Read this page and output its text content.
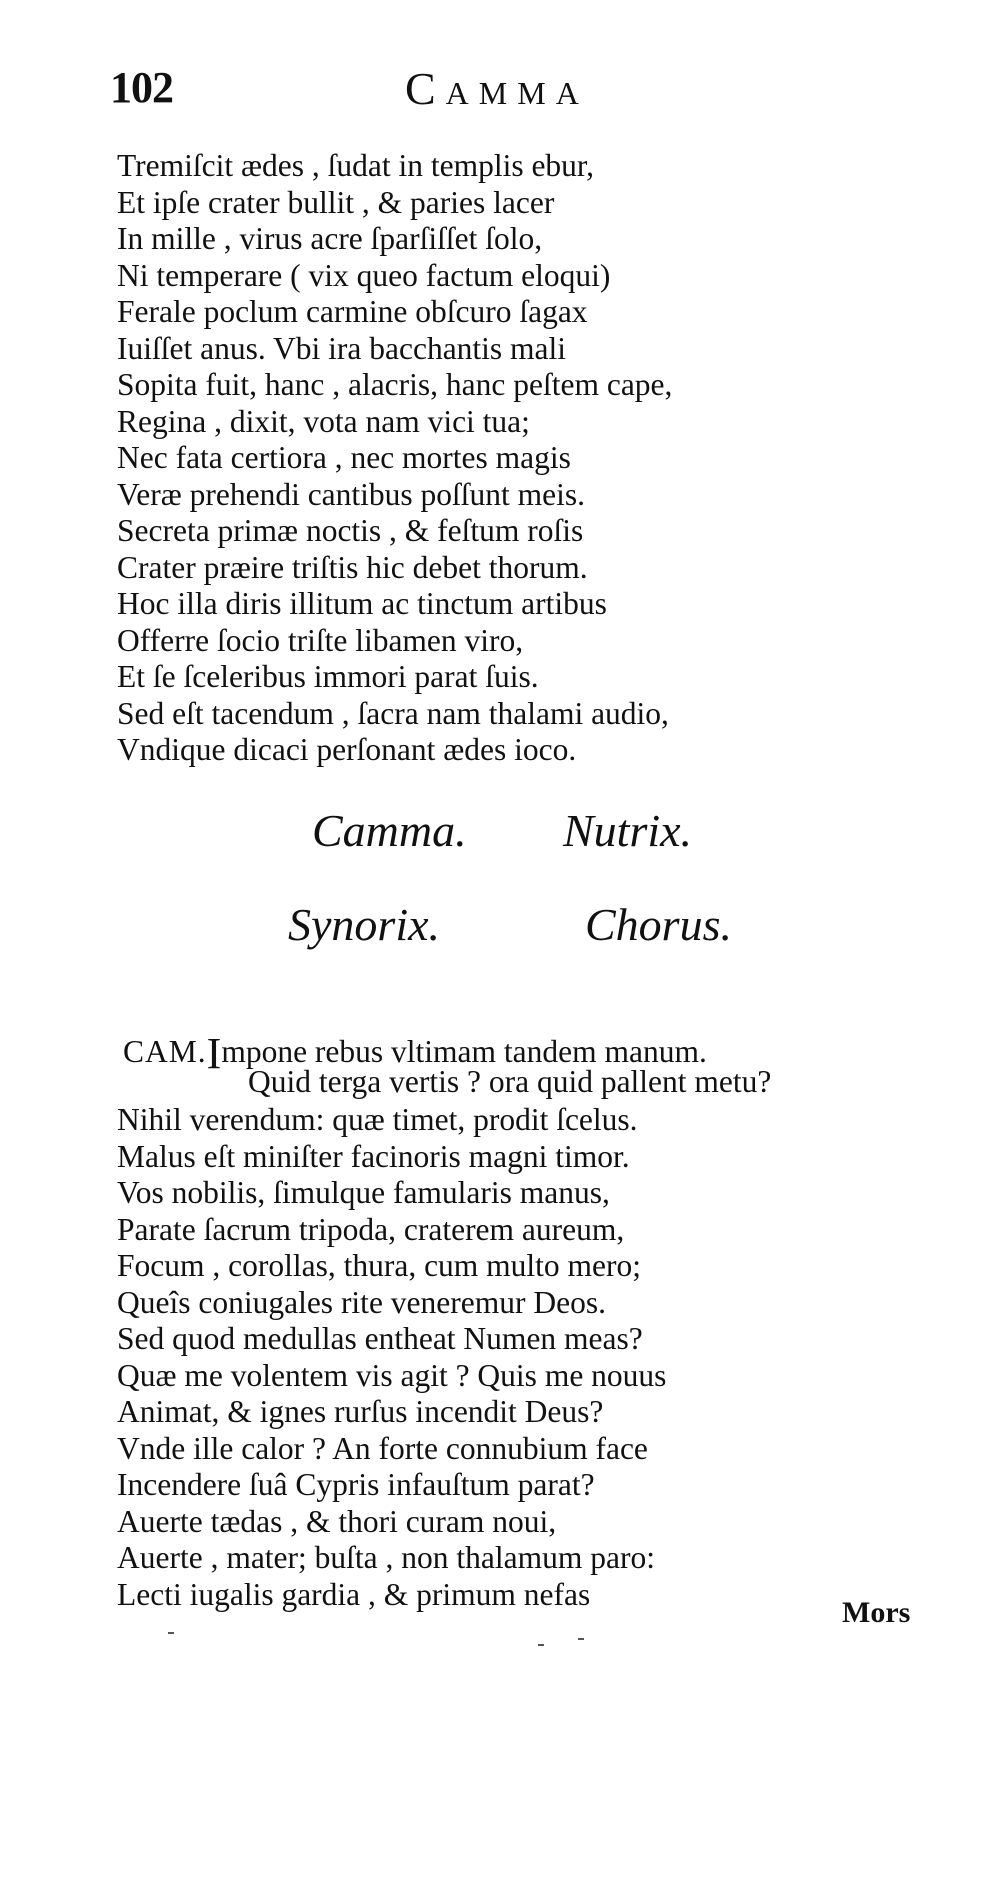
102	Camma
Tremiſcit ædes , ſudat in templis ebur,
Et ipſe crater bullit , & paries lacer
In mille , virus acre ſparſiſſet ſolo,
Ni temperare ( vix queo factum eloqui)
Ferale poclum carmine obſcuro ſagax
Iuiſſet anus. Vbi ira bacchantis mali
Sopita fuit, hanc , alacris, hanc peſtem cape,
Regina , dixit, vota nam vici tua;
Nec fata certiora , nec mortes magis
Veræ prehendi cantibus poſſunt meis.
Secreta primæ noctis , & feſtum roſis
Crater præire triſtis hic debet thorum.
Hoc illa diris illitum ac tinctum artibus
Offerre ſocio triſte libamen viro,
Et ſe ſceleribus immori parat ſuis.
Sed eſt tacendum , ſacra nam thalami audio,
Vndique dicaci perſonant ædes ioco.
Camma. Nutrix.
Synorix.	Chorus.
CAM.Impone rebus vltimam tandem manum.
Quid terga vertis ? ora quid pallent metu?
Nihil verendum: quæ timet, prodit ſcelus.
Malus eſt miniſter facinoris magni timor.
Vos nobilis, ſimulque famularis manus,
Parate ſacrum tripoda, craterem aureum,
Focum , corollas, thura, cum multo mero;
Queîs coniugales rite veneremur Deos.
Sed quod medullas entheat Numen meas?
Quæ me volentem vis agit ? Quis me nouus
Animat, & ignes rurſus incendit Deus?
Vnde ille calor ? An forte connubium face
Incendere ſuâ Cypris infauſtum parat?
Auerte tædas , & thori curam noui,
Auerte , mater; buſta , non thalamum paro:
Lecti iugalis gardia , & primum nefas
Mors
